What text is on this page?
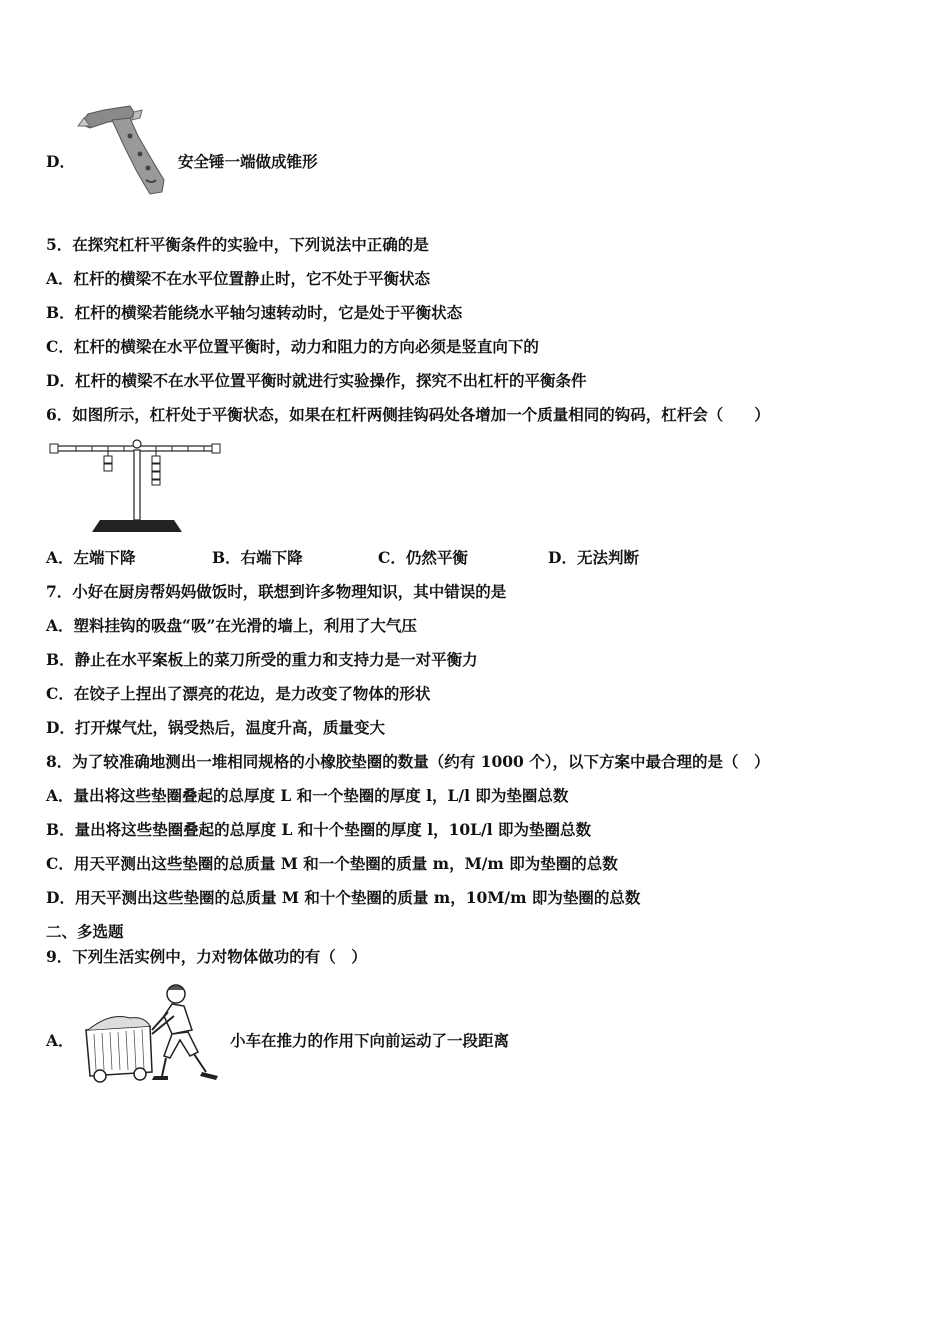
D．	安全锤一端做成锥形
5．在探究杠杆平衡条件的实验中，下列说法中正确的是
A．杠杆的横梁不在水平位置静止时，它不处于平衡状态
B．杠杆的横梁若能绕水平轴匀速转动时，它是处于平衡状态
C．杠杆的横梁在水平位置平衡时，动力和阻力的方向必须是竖直向下的
D．杠杆的横梁不在水平位置平衡时就进行实验操作，探究不出杠杆的平衡条件
6．如图所示，杠杆处于平衡状态，如果在杠杆两侧挂钩码处各增加一个质量相同的钩码，杠杆会（　　）
A．左端下降	B．右端下降	C．仍然平衡	D．无法判断
7．小好在厨房帮妈妈做饭时，联想到许多物理知识，其中错误的是
A．塑料挂钩的吸盘“吸”在光滑的墙上，利用了大气压
B．静止在水平案板上的菜刀所受的重力和支持力是一对平衡力
C．在饺子上捏出了漂亮的花边，是力改变了物体的形状
D．打开煤气灶，锅受热后，温度升高，质量变大
8．为了较准确地测出一堆相同规格的小橡胶垫圈的数量（约有 1000 个），以下方案中最合理的是（　）
A．量出将这些垫圈叠起的总厚度 L 和一个垫圈的厚度 l，L/l 即为垫圈总数
B．量出将这些垫圈叠起的总厚度 L 和十个垫圈的厚度 l，10L/l 即为垫圈总数
C．用天平测出这些垫圈的总质量 M 和一个垫圈的质量 m，M/m 即为垫圈的总数
D．用天平测出这些垫圈的总质量 M 和十个垫圈的质量 m，10M/m 即为垫圈的总数
二、多选题
9．下列生活实例中，力对物体做功的有（　）
A．	小车在推力的作用下向前运动了一段距离
